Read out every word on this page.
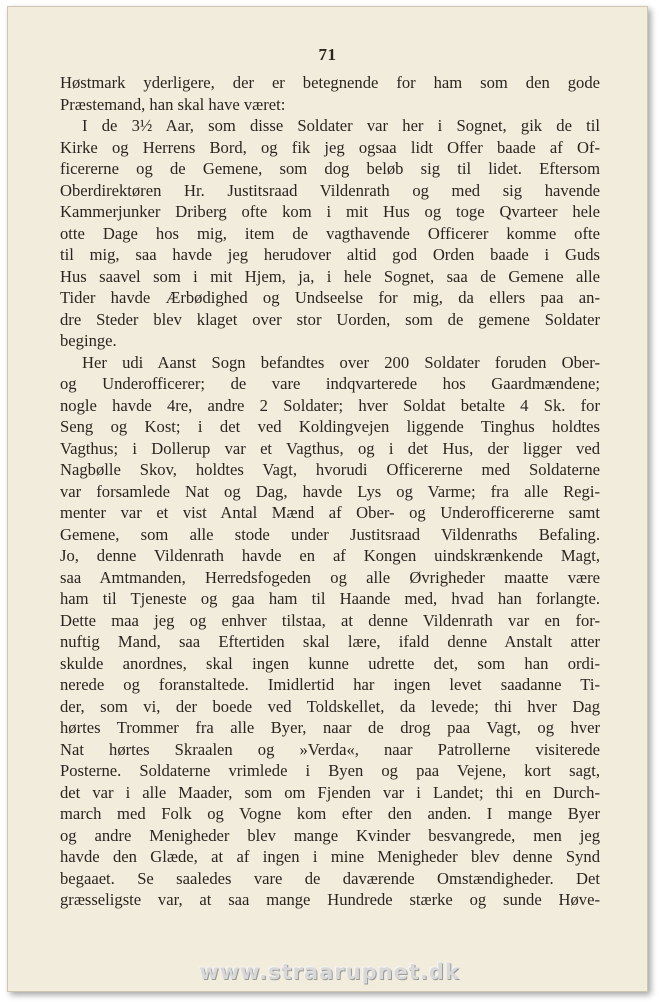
71
Høstmark yderligere, der er betegnende for ham som den gode
Præstemand, han skal have været:
I de 3½ Aar, som disse Soldater var her i Sognet, gik de til
Kirke og Herrens Bord, og fik jeg ogsaa lidt Offer baade af Of-
ficererne og de Gemene, som dog beløb sig til lidet. Eftersom
Oberdirektøren Hr. Justitsraad Vildenrath og med sig havende
Kammerjunker Driberg ofte kom i mit Hus og toge Qvarteer hele
otte Dage hos mig, item de vagthavende Officerer komme ofte
til mig, saa havde jeg herudover altid god Orden baade i Guds
Hus saavel som i mit Hjem, ja, i hele Sognet, saa de Gemene alle
Tider havde Ærbødighed og Undseelse for mig, da ellers paa an-
dre Steder blev klaget over stor Uorden, som de gemene Soldater
beginge.
Her udi Aanst Sogn befandtes over 200 Soldater foruden Ober-
og Underofficerer; de vare indqvarterede hos Gaardmændene;
nogle havde 4re, andre 2 Soldater; hver Soldat betalte 4 Sk. for
Seng og Kost; i det ved Koldingvejen liggende Tinghus holdtes
Vagthus; i Dollerup var et Vagthus, og i det Hus, der ligger ved
Nagbølle Skov, holdtes Vagt, hvorudi Officererne med Soldaterne
var forsamlede Nat og Dag, havde Lys og Varme; fra alle Regi-
menter var et vist Antal Mænd af Ober- og Underofficererne samt
Gemene, som alle stode under Justitsraad Vildenraths Befaling.
Jo, denne Vildenrath havde en af Kongen uindskrænkende Magt,
saa Amtmanden, Herredsfogeden og alle Øvrigheder maatte være
ham til Tjeneste og gaa ham til Haande med, hvad han forlangte.
Dette maa jeg og enhver tilstaa, at denne Vildenrath var en for-
nuftig Mand, saa Eftertiden skal lære, ifald denne Anstalt atter
skulde anordnes, skal ingen kunne udrette det, som han ordi-
nerede og foranstaltede. Imidlertid har ingen levet saadanne Ti-
der, som vi, der boede ved Toldskellet, da levede; thi hver Dag
hørtes Trommer fra alle Byer, naar de drog paa Vagt, og hver
Nat hørtes Skraalen og »Verda«, naar Patrollerne visiterede
Posterne. Soldaterne vrimlede i Byen og paa Vejene, kort sagt,
det var i alle Maader, som om Fjenden var i Landet; thi en Durch-
march med Folk og Vogne kom efter den anden. I mange Byer
og andre Menigheder blev mange Kvinder besvangrede, men jeg
havde den Glæde, at af ingen i mine Menigheder blev denne Synd
begaaet. Se saaledes vare de daværende Omstændigheder. Det
græsseligste var, at saa mange Hundrede stærke og sunde Høve-
www.straarupnet.dk
